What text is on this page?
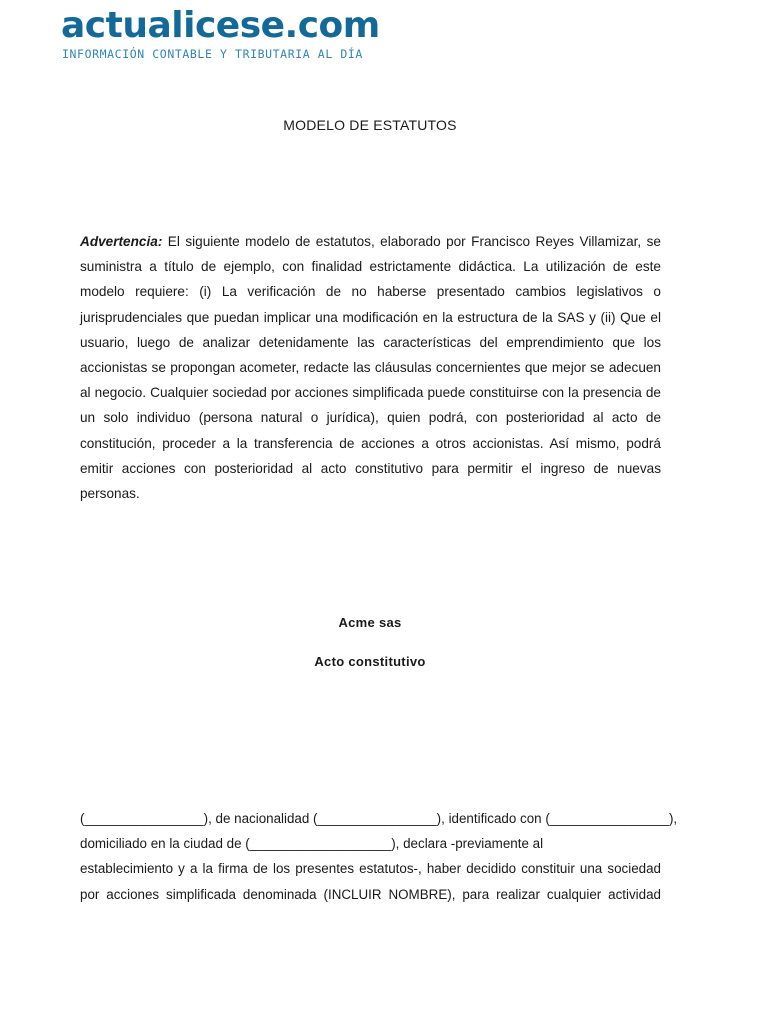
actualicese.com
INFORMACIÓN CONTABLE Y TRIBUTARIA AL DÍA
MODELO DE ESTATUTOS

Advertencia: El siguiente modelo de estatutos, elaborado por Francisco Reyes Villamizar, se suministra a título de ejemplo, con finalidad estrictamente didáctica. La utilización de este modelo requiere: (i) La verificación de no haberse presentado cambios legislativos o jurisprudenciales que puedan implicar una modificación en la estructura de la SAS y (ii) Que el usuario, luego de analizar detenidamente las características del emprendimiento que los accionistas se propongan acometer, redacte las cláusulas concernientes que mejor se adecuen al negocio. Cualquier sociedad por acciones simplificada puede constituirse con la presencia de un solo individuo (persona natural o jurídica), quien podrá, con posterioridad al acto de constitución, proceder a la transferencia de acciones a otros accionistas. Así mismo, podrá emitir acciones con posterioridad al acto constitutivo para permitir el ingreso de nuevas personas.

Acme sas
Acto constitutivo
(________________), de nacionalidad (________________), identificado con (________________),
domiciliado en la ciudad de (___________________), declara -previamente al
establecimiento y a la firma de los presentes estatutos-, haber decidido constituir una sociedad
por acciones simplificada denominada (INCLUIR NOMBRE), para realizar cualquier actividad
